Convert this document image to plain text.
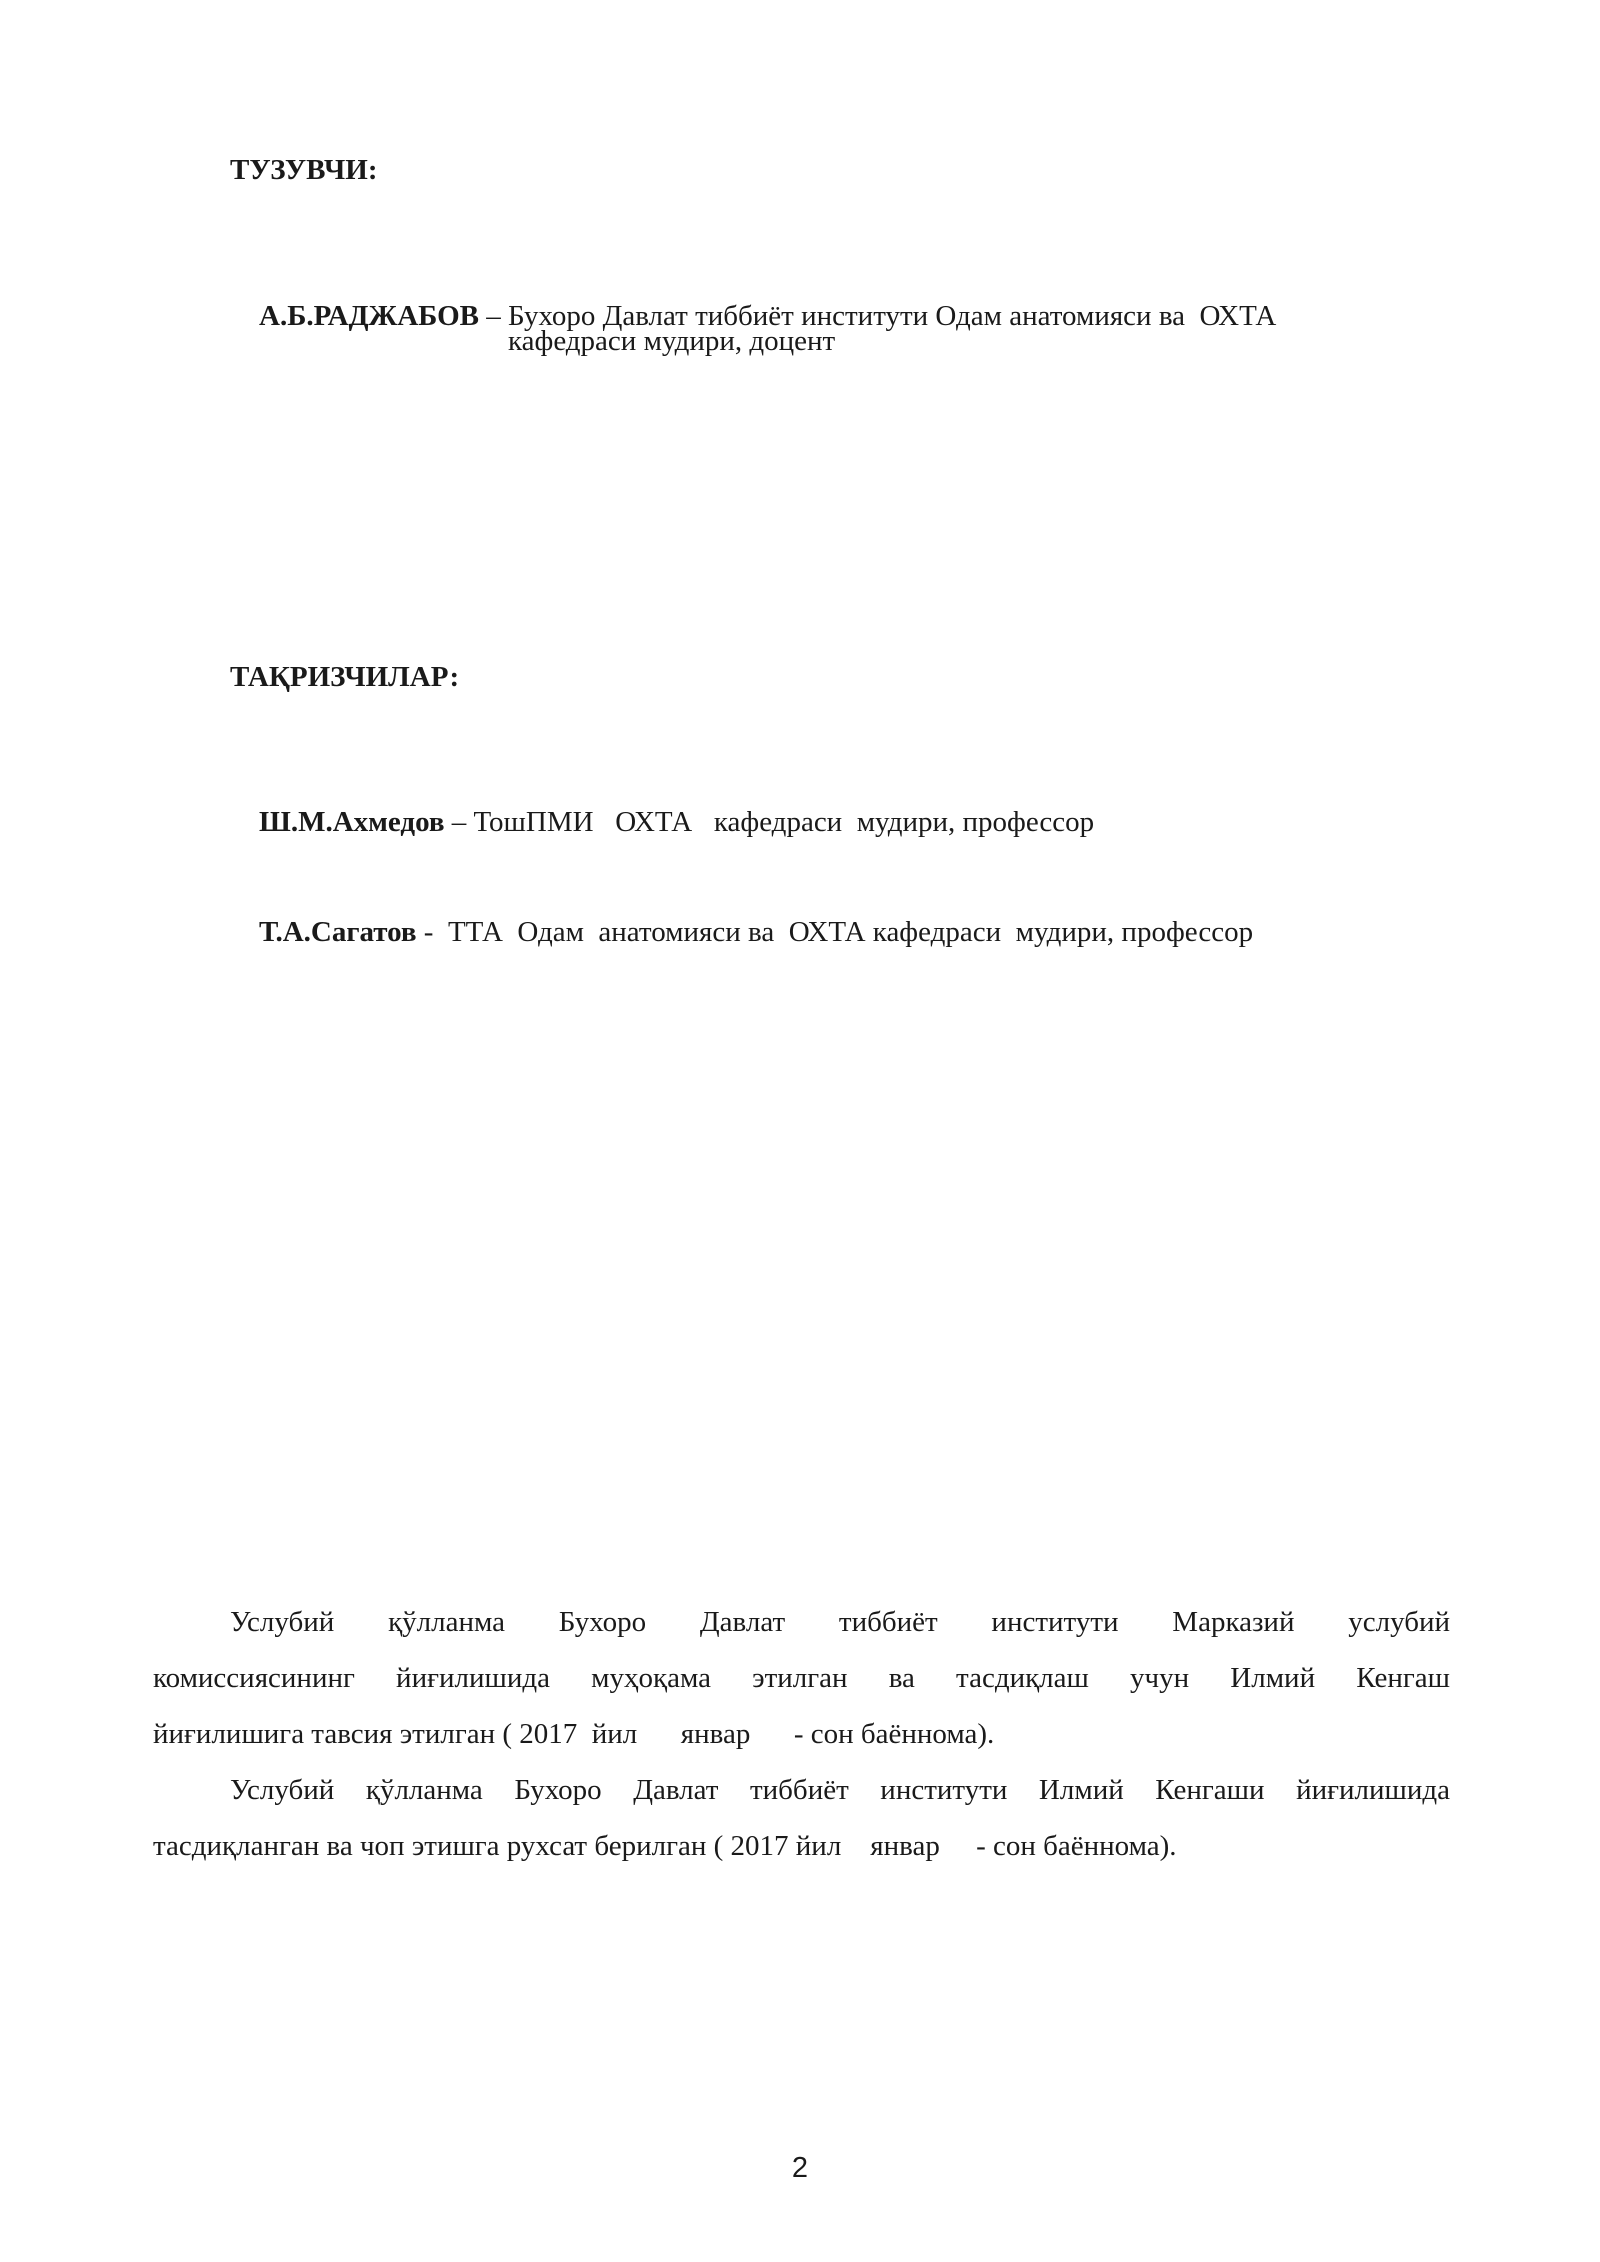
ТУЗУВЧИ:

А.Б.РАДЖАБОВ – Бухоро Давлат тиббиёт институти Одам анатомияси ва  ОХТА

кафедраси мудири, доцент
ТАҚРИЗЧИЛАР:

Ш.М.Ахмедов – ТошПМИ   ОХТА   кафедраси  мудири, профессор

Т.А.Сагатов -  ТТА  Одам  анатомияси ва  ОХТА кафедраси  мудири, профессор

Услубий қўлланма Бухоро Давлат тиббиёт институти Марказий услубий
комиссиясининг йиғилишида муҳоқама этилган ва тасдиқлаш учун Илмий Кенгаш
йиғилишига тавсия этилган ( 2017  йил      январ      - сон баённома).
Услубий қўлланма Бухоро Давлат тиббиёт институти Илмий Кенгаши йиғилишида
тасдиқланган ва чоп этишга рухсат берилган ( 2017 йил    январ     - сон баённома).
2
